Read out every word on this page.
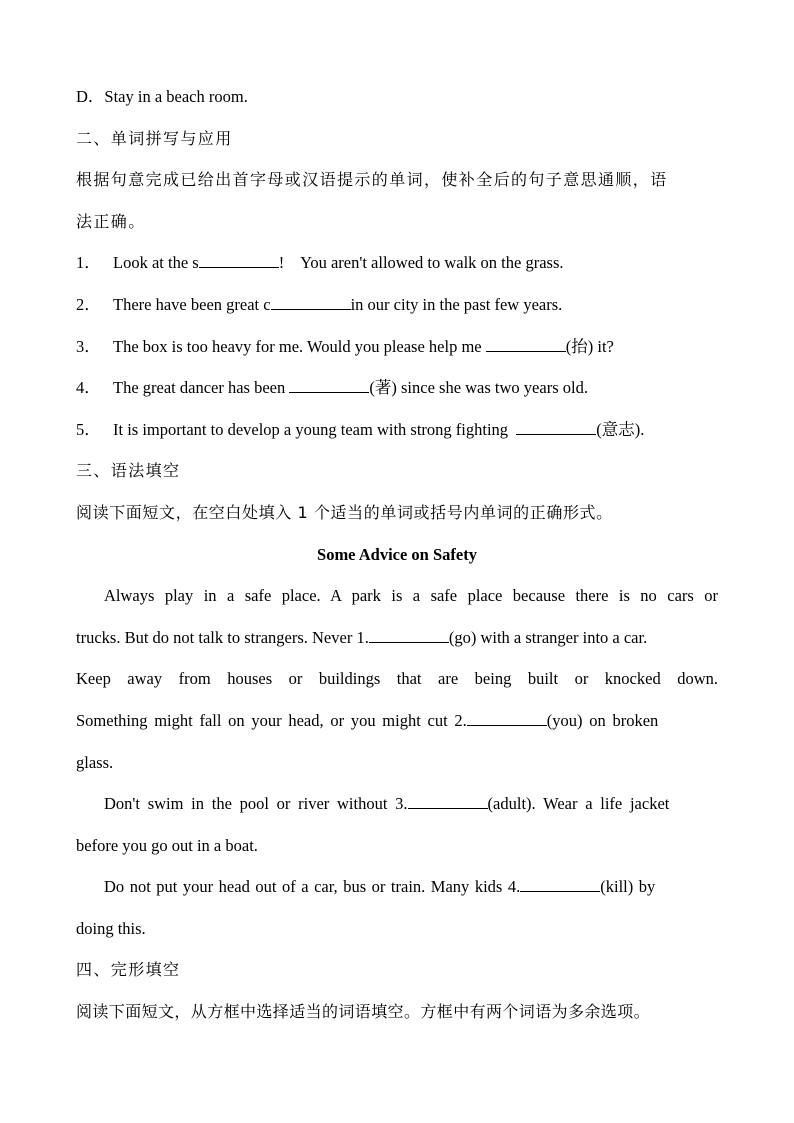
D．Stay in a beach room.
二、单词拼写与应用
根据句意完成已给出首字母或汉语提示的单词，使补全后的句子意思通顺，语
法正确。
1． Look at the s	!    You aren't allowed to walk on the grass.
2． There have been great c	in our city in the past few years.
3． The box is too heavy for me. Would you please help me	(抬) it?
4． The great dancer has been	(著) since she was two years old.
5． It is important to develop a young team with strong fighting	(意志).
三、语法填空
阅读下面短文，在空白处填入 1 个适当的单词或括号内单词的正确形式。
Some Advice on Safety
Always play in a safe place. A park is a safe place because there is no cars or
trucks. But do not talk to strangers. Never 1.	(go) with a stranger into a car.
Keep away from houses or buildings that are being built or knocked down.
Something might fall on your head, or you might cut 2.	(you) on broken
glass.
Don't swim in the pool or river without 3.	(adult). Wear a life jacket
before you go out in a boat.
Do not put your head out of a car, bus or train. Many kids 4.	(kill) by
doing this.
四、完形填空
阅读下面短文，从方框中选择适当的词语填空。方框中有两个词语为多余选项。
